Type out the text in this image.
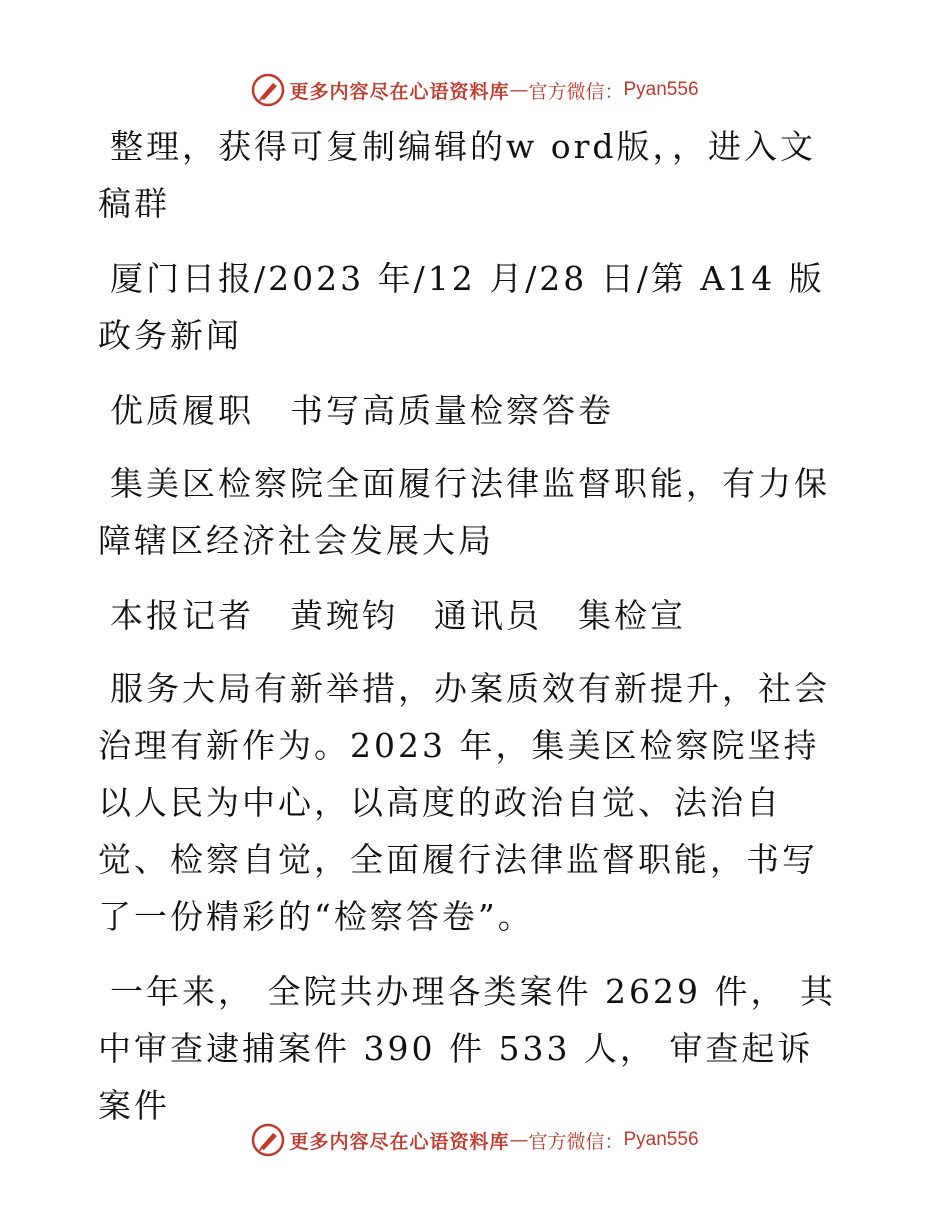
更多内容尽在心语资料库 — 官方微信： Pyan556

整理，获得可复制编辑的w ord版，，进入文稿群

厦门日报/2023 年/12 月/28 日/第 A14 版政务新闻

优质履职　书写高质量检察答卷

集美区检察院全面履行法律监督职能，有力保障辖区经济社会发展大局

本报记者　黄琬钧　通讯员　集检宣

服务大局有新举措，办案质效有新提升，社会治理有新作为。2023 年，集美区检察院坚持以人民为中心，以高度的政治自觉、法治自觉、检察自觉，全面履行法律监督职能，书写了一份精彩的“检察答卷”。

一年来， 全院共办理各类案件 2629 件， 其中审查逮捕案件 390 件 533 人， 审查起诉案件

更多内容尽在心语资料库 — 官方微信： Pyan556
